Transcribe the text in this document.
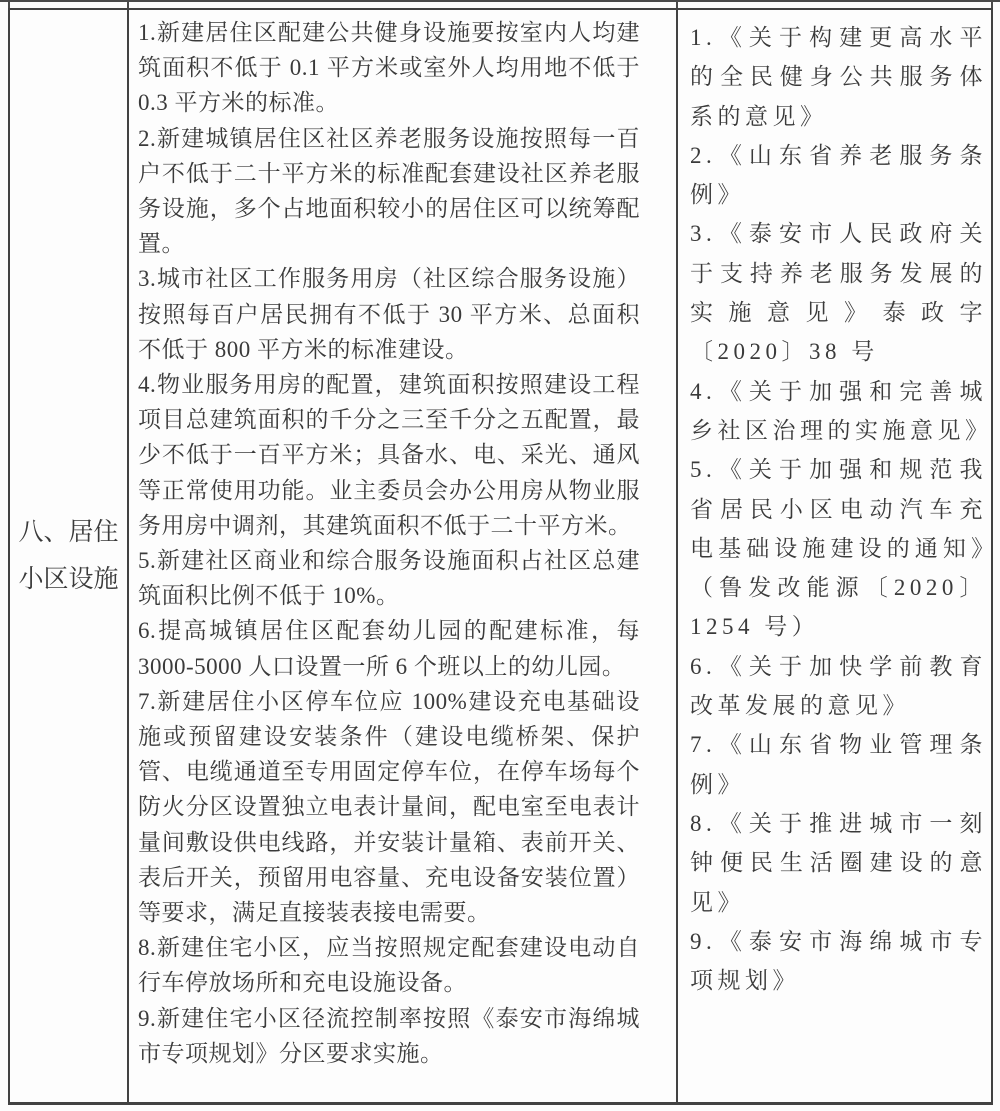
八、居住小区设施

1.新建居住区配建公共健身设施要按室内人均建筑面积不低于 0.1 平方米或室外人均用地不低于 0.3 平方米的标准。

2.新建城镇居住区社区养老服务设施按照每一百户不低于二十平方米的标准配套建设社区养老服务设施，多个占地面积较小的居住区可以统筹配置。

3.城市社区工作服务用房（社区综合服务设施）按照每百户居民拥有不低于 30 平方米、总面积不低于 800 平方米的标准建设。

4.物业服务用房的配置，建筑面积按照建设工程项目总建筑面积的千分之三至千分之五配置，最少不低于一百平方米；具备水、电、采光、通风等正常使用功能。业主委员会办公用房从物业服务用房中调剂，其建筑面积不低于二十平方米。

5.新建社区商业和综合服务设施面积占社区总建筑面积比例不低于 10%。

6.提高城镇居住区配套幼儿园的配建标准，每 3000-5000 人口设置一所 6 个班以上的幼儿园。

7.新建居住小区停车位应 100%建设充电基础设施或预留建设安装条件（建设电缆桥架、保护管、电缆通道至专用固定停车位，在停车场每个防火分区设置独立电表计量间，配电室至电表计量间敷设供电线路，并安装计量箱、表前开关、表后开关，预留用电容量、充电设备安装位置）等要求，满足直接装表接电需要。

8.新建住宅小区，应当按照规定配套建设电动自行车停放场所和充电设施设备。

9.新建住宅小区径流控制率按照《泰安市海绵城市专项规划》分区要求实施。

1.《关于构建更高水平的全民健身公共服务体系的意见》

2.《山东省养老服务条例》

3.《泰安市人民政府关于支持养老服务发展的实施意见》泰政字〔2020〕38 号

4.《关于加强和完善城乡社区治理的实施意见》

5.《关于加强和规范我省居民小区电动汽车充电基础设施建设的通知》（鲁发改能源〔2020〕1254 号）

6.《关于加快学前教育改革发展的意见》

7.《山东省物业管理条例》

8.《关于推进城市一刻钟便民生活圈建设的意见》

9.《泰安市海绵城市专项规划》
